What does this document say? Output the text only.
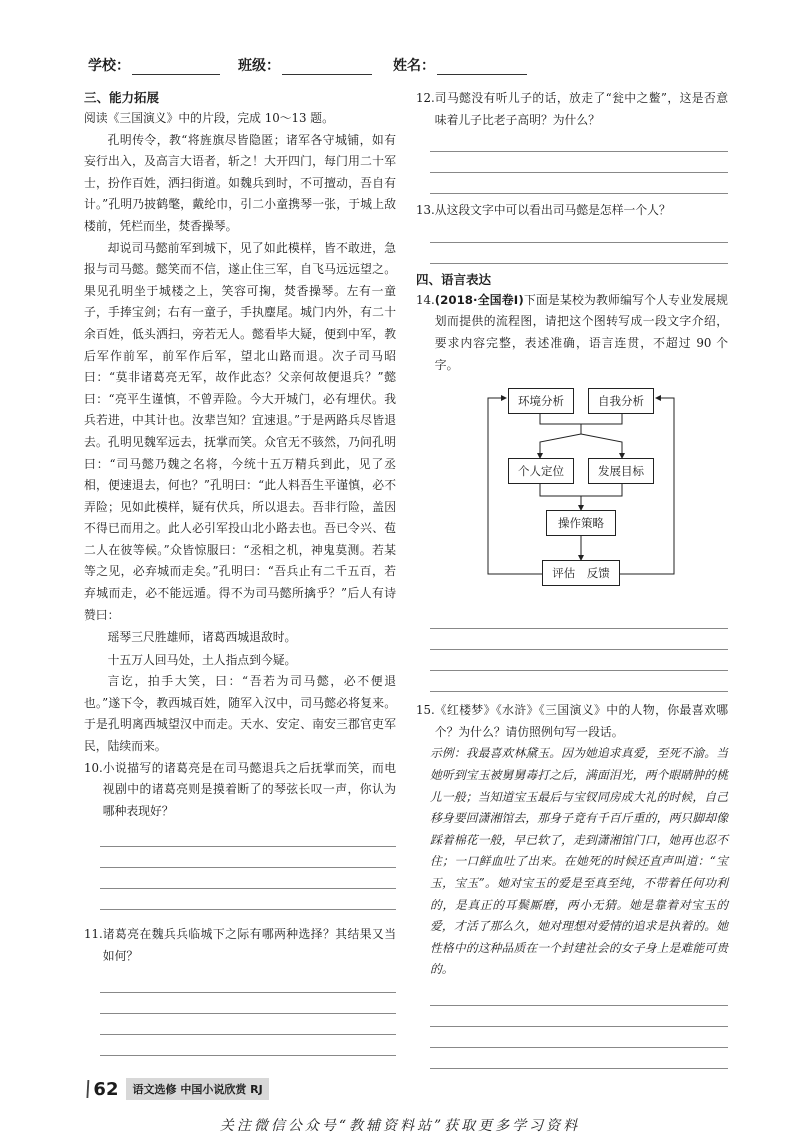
学校：	班级：	姓名：
三、能力拓展
阅读《三国演义》中的片段，完成 10～13 题。
孔明传令，教“将旌旗尽皆隐匿；诸军各守城铺，如有妄行出入，及高言大语者，斩之！大开四门，每门用二十军士，扮作百姓，洒扫街道。如魏兵到时，不可擅动，吾自有计。”孔明乃披鹤氅，戴纶巾，引二小童携琴一张，于城上敌楼前，凭栏而坐，焚香操琴。
却说司马懿前军到城下，见了如此模样，皆不敢进，急报与司马懿。懿笑而不信，遂止住三军，自飞马远远望之。果见孔明坐于城楼之上，笑容可掬，焚香操琴。左有一童子，手捧宝剑；右有一童子，手执麈尾。城门内外，有二十余百姓，低头洒扫，旁若无人。懿看毕大疑，便到中军，教后军作前军，前军作后军，望北山路而退。次子司马昭曰：“莫非诸葛亮无军，故作此态？父亲何故便退兵？”懿曰：“亮平生谨慎，不曾弄险。今大开城门，必有埋伏。我兵若进，中其计也。汝辈岂知？宜速退。”于是两路兵尽皆退去。孔明见魏军远去，抚掌而笑。众官无不骇然，乃问孔明曰：“司马懿乃魏之名将，今统十五万精兵到此，见了丞相，便速退去，何也？”孔明曰：“此人料吾生平谨慎，必不弄险；见如此模样，疑有伏兵，所以退去。吾非行险，盖因不得已而用之。此人必引军投山北小路去也。吾已令兴、苞二人在彼等候。”众皆惊服曰：“丞相之机，神鬼莫测。若某等之见，必弃城而走矣。”孔明曰：“吾兵止有二千五百，若弃城而走，必不能远遁。得不为司马懿所擒乎？”后人有诗赞曰：
瑶琴三尺胜雄师，诸葛西城退敌时。
十五万人回马处，土人指点到今疑。
言讫，拍手大笑，曰：“吾若为司马懿，必不便退也。”遂下令，教西城百姓，随军入汉中，司马懿必将复来。于是孔明离西城望汉中而走。天水、安定、南安三郡官吏军民，陆续而来。
10. 小说描写的诸葛亮是在司马懿退兵之后抚掌而笑，而电视剧中的诸葛亮则是摸着断了的琴弦长叹一声，你认为哪种表现好？
11. 诸葛亮在魏兵兵临城下之际有哪两种选择？其结果又当如何？
12. 司马懿没有听儿子的话，放走了“瓮中之鳖”，这是否意味着儿子比老子高明？为什么？
13. 从这段文字中可以看出司马懿是怎样一个人？
四、语言表达
14. (2018·全国卷Ⅰ)下面是某校为教师编写个人专业发展规划而提供的流程图，请把这个图转写成一段文字介绍，要求内容完整，表述准确，语言连贯，不超过 90 个字。
环境分析	自我分析
个人定位	发展目标
操作策略
评估　反馈
15. 《红楼梦》《水浒》《三国演义》中的人物，你最喜欢哪个？为什么？请仿照例句写一段话。
示例：我最喜欢林黛玉。因为她追求真爱，至死不渝。当她听到宝玉被舅舅毒打之后，满面泪光，两个眼睛肿的桃儿一般；当知道宝玉最后与宝钗同房成大礼的时候，自己移身要回潇湘馆去，那身子竟有千百斤重的，两只脚却像踩着棉花一般，早已软了，走到潇湘馆门口，她再也忍不住；一口鲜血吐了出来。在她死的时候还直声叫道：“宝玉，宝玉”。她对宝玉的爱是至真至纯，不带着任何功利的，是真正的耳鬓厮磨，两小无猜。她是靠着对宝玉的爱，才活了那么久，她对理想对爱情的追求是执着的。她性格中的这种品质在一个封建社会的女子身上是难能可贵的。
\
62	语文选修 中国小说欣赏 RJ
关注微信公众号“教辅资料站”获取更多学习资料
